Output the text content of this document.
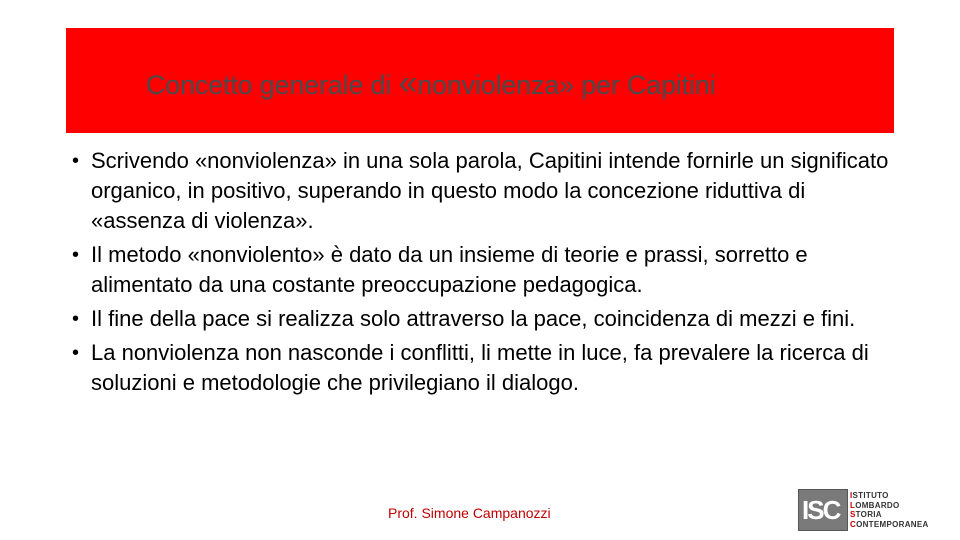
Concetto generale di «nonviolenza» per Capitini
• Scrivendo «nonviolenza» in una sola parola, Capitini intende fornirle un significato organico, in positivo, superando in questo modo la concezione riduttiva di «assenza di violenza».
• Il metodo «nonviolento» è dato da un insieme di teorie e prassi, sorretto e alimentato da una costante preoccupazione pedagogica.
• Il fine della pace si realizza solo attraverso la pace, coincidenza di mezzi e fini.
• La nonviolenza non nasconde i conflitti, li mette in luce, fa prevalere la ricerca di soluzioni e metodologie che privilegiano il dialogo.
Prof. Simone Campanozzi	ISC ISTITUTO
LOMBARDO
STORIA
CONTEMPORANEA
